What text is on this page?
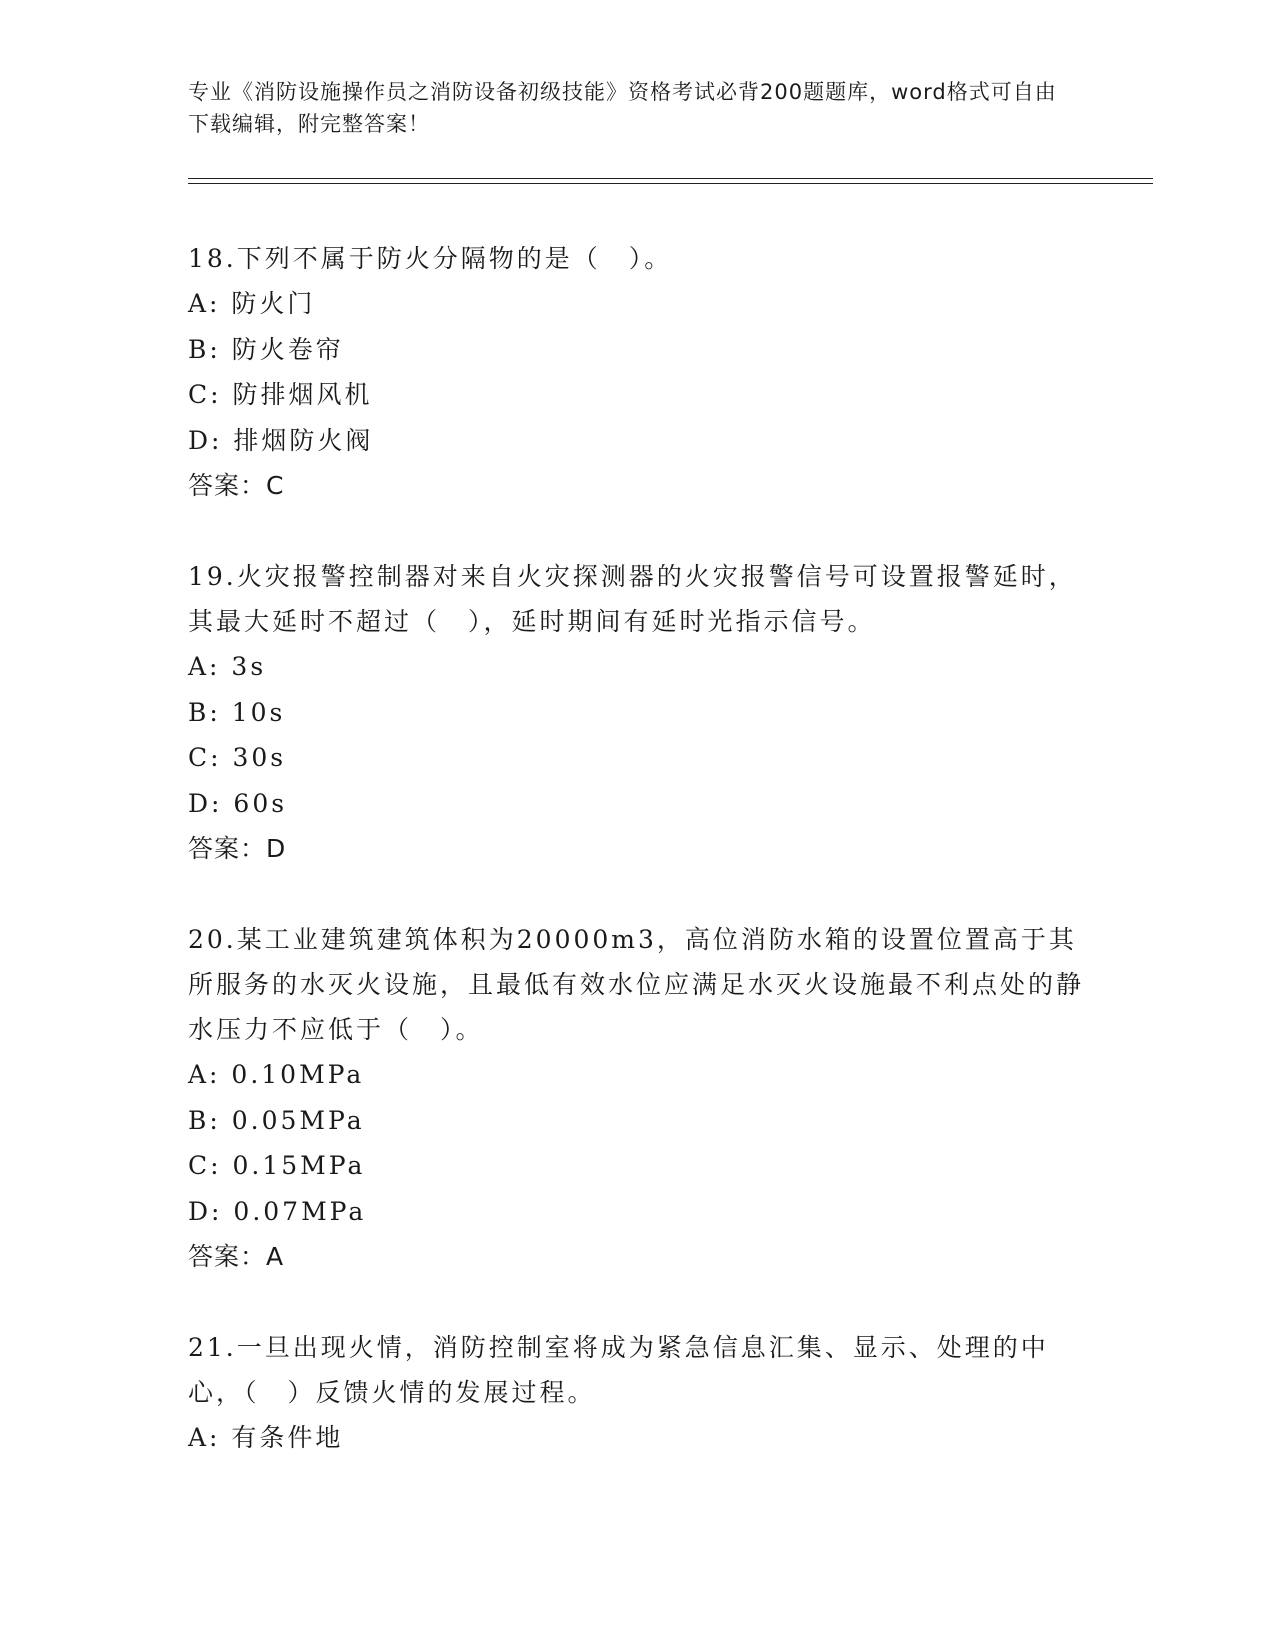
专业《消防设施操作员之消防设备初级技能》资格考试必背200题题库，word格式可自由下载编辑，附完整答案！

18.下列不属于防火分隔物的是（　）。

A: 防火门

B: 防火卷帘

C: 防排烟风机

D: 排烟防火阀

答案：C

19.火灾报警控制器对来自火灾探测器的火灾报警信号可设置报警延时，其最大延时不超过（　），延时期间有延时光指示信号。

A: 3s

B: 10s

C: 30s

D: 60s

答案：D

20.某工业建筑建筑体积为20000m3，高位消防水箱的设置位置高于其所服务的水灭火设施，且最低有效水位应满足水灭火设施最不利点处的静水压力不应低于（　）。

A: 0.10MPa

B: 0.05MPa

C: 0.15MPa

D: 0.07MPa

答案：A

21.一旦出现火情，消防控制室将成为紧急信息汇集、显示、处理的中心，（　）反馈火情的发展过程。

A: 有条件地
